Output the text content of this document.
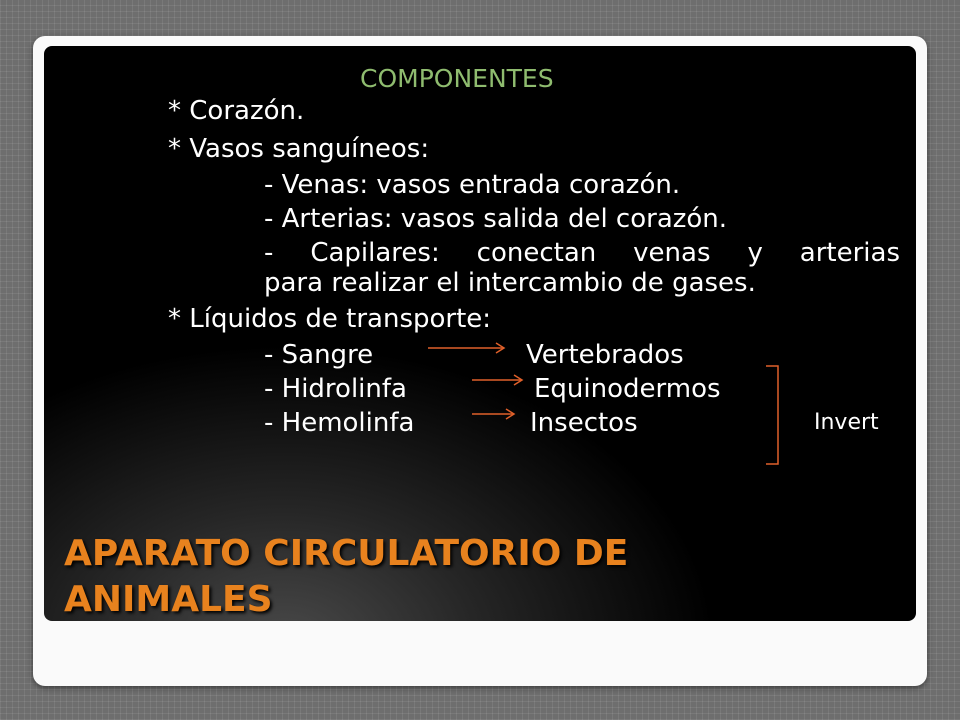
COMPONENTES
* Corazón.
* Vasos sanguíneos:
- Venas: vasos entrada corazón.
- Arterias: vasos salida del corazón.
- Capilares: conectan venas y arterias
para realizar el intercambio de gases.
* Líquidos de transporte:
- Sangre	Vertebrados
- Hidrolinfa	Equinodermos
- Hemolinfa	Insectos	Invert
APARATO CIRCULATORIO DE
ANIMALES
